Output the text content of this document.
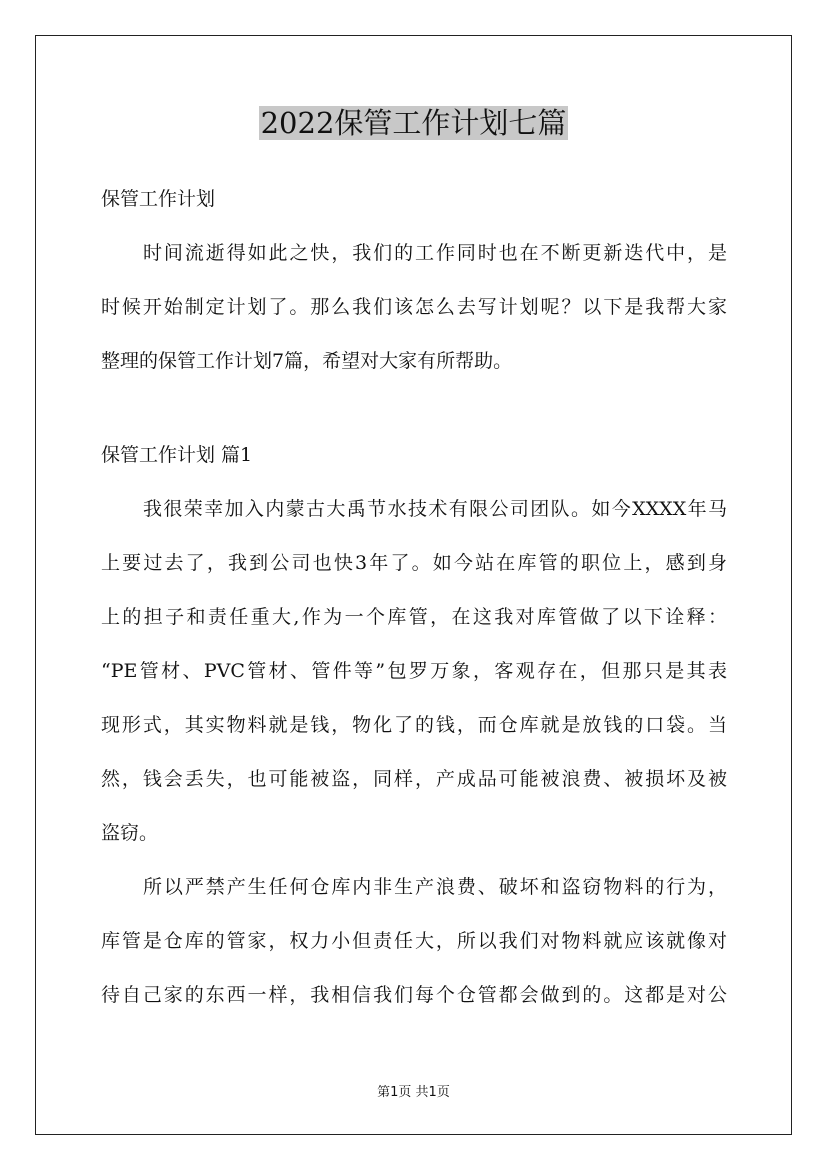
2022保管工作计划七篇

保管工作计划

时间流逝得如此之快，我们的工作同时也在不断更新迭代中，是

时候开始制定计划了。那么我们该怎么去写计划呢？以下是我帮大家

整理的保管工作计划7篇，希望对大家有所帮助。

保管工作计划 篇1

我很荣幸加入内蒙古大禹节水技术有限公司团队。如今XXXX年马

上要过去了，我到公司也快3年了。如今站在库管的职位上，感到身

上的担子和责任重大,作为一个库管，在这我对库管做了以下诠释：

“PE管材、PVC管材、管件等”包罗万象，客观存在，但那只是其表

现形式，其实物料就是钱，物化了的钱，而仓库就是放钱的口袋。当

然，钱会丢失，也可能被盗，同样，产成品可能被浪费、被损坏及被

盗窃。

所以严禁产生任何仓库内非生产浪费、破坏和盗窃物料的行为，

库管是仓库的管家，权力小但责任大，所以我们对物料就应该就像对

待自己家的东西一样，我相信我们每个仓管都会做到的。这都是对公

第1页 共1页
